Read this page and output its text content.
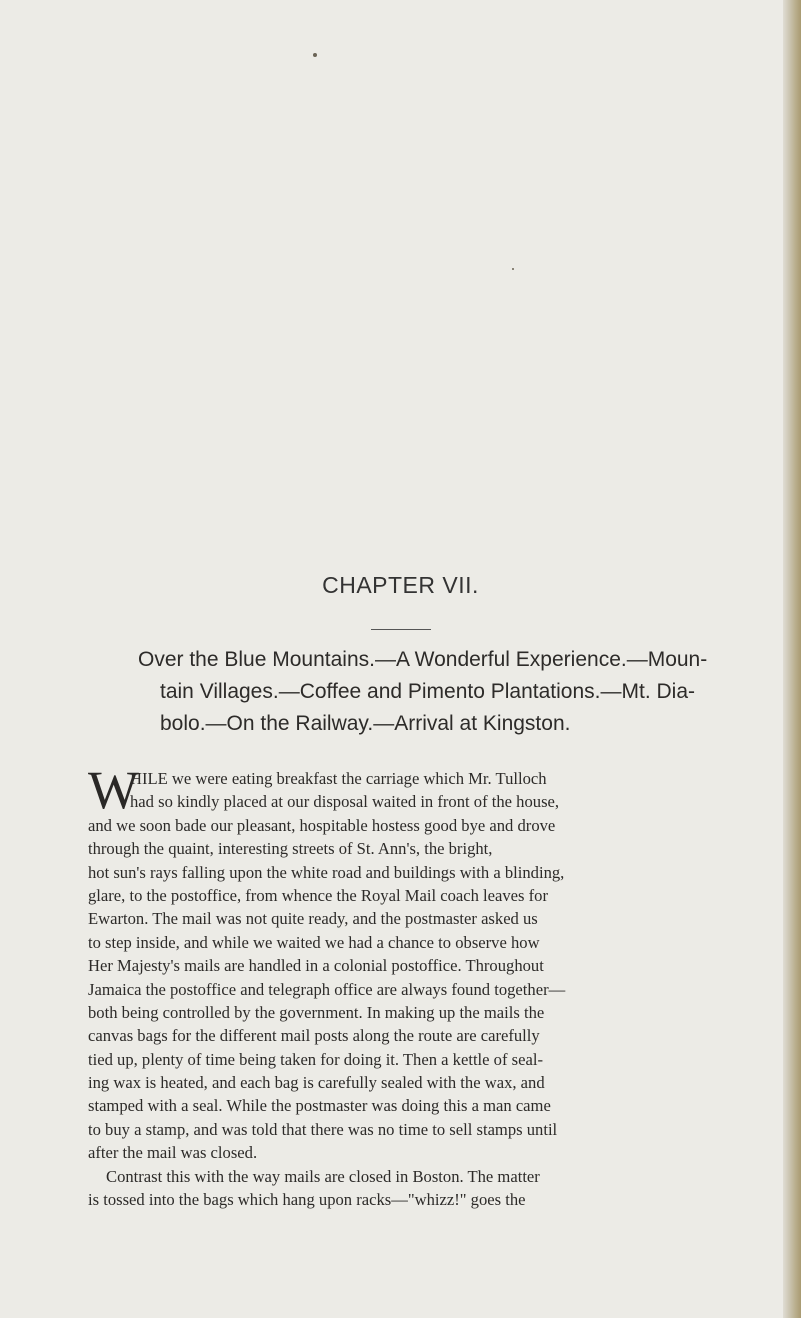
CHAPTER VII.
Over the Blue Mountains.—A Wonderful Experience.—Moun-
tain Villages.—Coffee and Pimento Plantations.—Mt. Dia-
bolo.—On the Railway.—Arrival at Kingston.
W
HILE we were eating breakfast the carriage which Mr. Tulloch
had so kindly placed at our disposal waited in front of the house,
and we soon bade our pleasant, hospitable hostess good bye and drove
through the quaint, interesting streets of St. Ann's, the bright,
hot sun's rays falling upon the white road and buildings with a blinding,
glare, to the postoffice, from whence the Royal Mail coach leaves for
Ewarton. The mail was not quite ready, and the postmaster asked us
to step inside, and while we waited we had a chance to observe how
Her Majesty's mails are handled in a colonial postoffice. Throughout
Jamaica the postoffice and telegraph office are always found together—
both being controlled by the government. In making up the mails the
canvas bags for the different mail posts along the route are carefully
tied up, plenty of time being taken for doing it. Then a kettle of seal-
ing wax is heated, and each bag is carefully sealed with the wax, and
stamped with a seal. While the postmaster was doing this a man came
to buy a stamp, and was told that there was no time to sell stamps until
after the mail was closed.
Contrast this with the way mails are closed in Boston. The matter
is tossed into the bags which hang upon racks—"whizz!" goes the
